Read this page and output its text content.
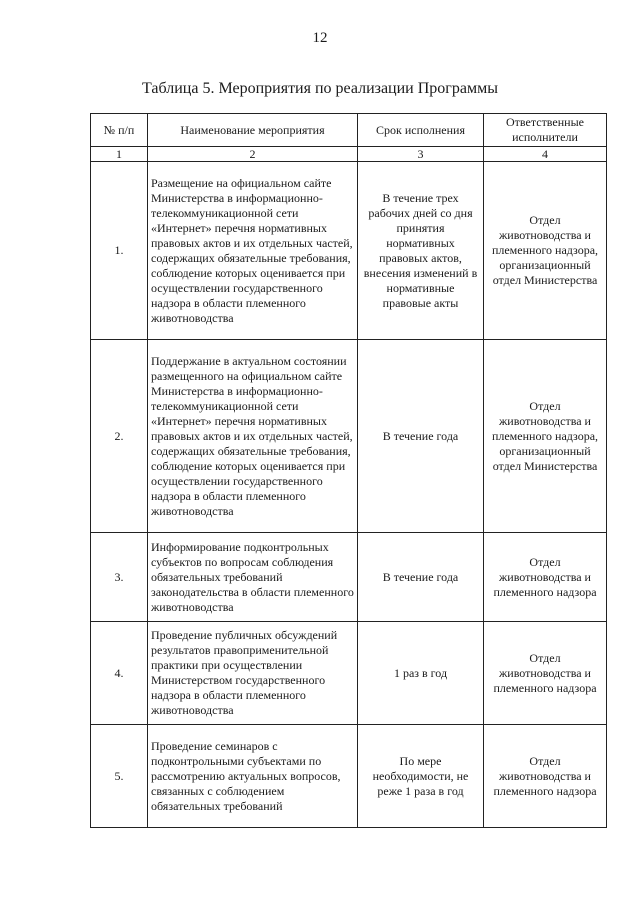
12
Таблица 5. Мероприятия по реализации Программы
№ п/п	Наименование мероприятия	Срок исполнения	Ответственные исполнители
1	2	3	4
1.	Размещение на официальном сайте Министерства в информационно-телекоммуникационной сети «Интернет» перечня нормативных правовых актов и их отдельных частей, содержащих обязательные требования, соблюдение которых оценивается при осуществлении государственного надзора в области племенного животноводства	В течение трех рабочих дней со дня принятия нормативных правовых актов, внесения изменений в нормативные правовые акты	Отдел животноводства и племенного надзора, организационный отдел Министерства
2.	Поддержание в актуальном состоянии размещенного на официальном сайте Министерства в информационно-телекоммуникационной сети «Интернет» перечня нормативных правовых актов и их отдельных частей, содержащих обязательные требования, соблюдение которых оценивается при осуществлении государственного надзора в области племенного животноводства	В течение года	Отдел животноводства и племенного надзора, организационный отдел Министерства
3.	Информирование подконтрольных субъектов по вопросам соблюдения обязательных требований законодательства в области племенного животноводства	В течение года	Отдел животноводства и племенного надзора
4.	Проведение публичных обсуждений результатов правоприменительной практики при осуществлении Министерством государственного надзора в области племенного животноводства	1 раз в год	Отдел животноводства и племенного надзора
5.	Проведение семинаров с подконтрольными субъектами по рассмотрению актуальных вопросов, связанных с соблюдением обязательных требований	По мере необходимости, не реже 1 раза в год	Отдел животноводства и племенного надзора
